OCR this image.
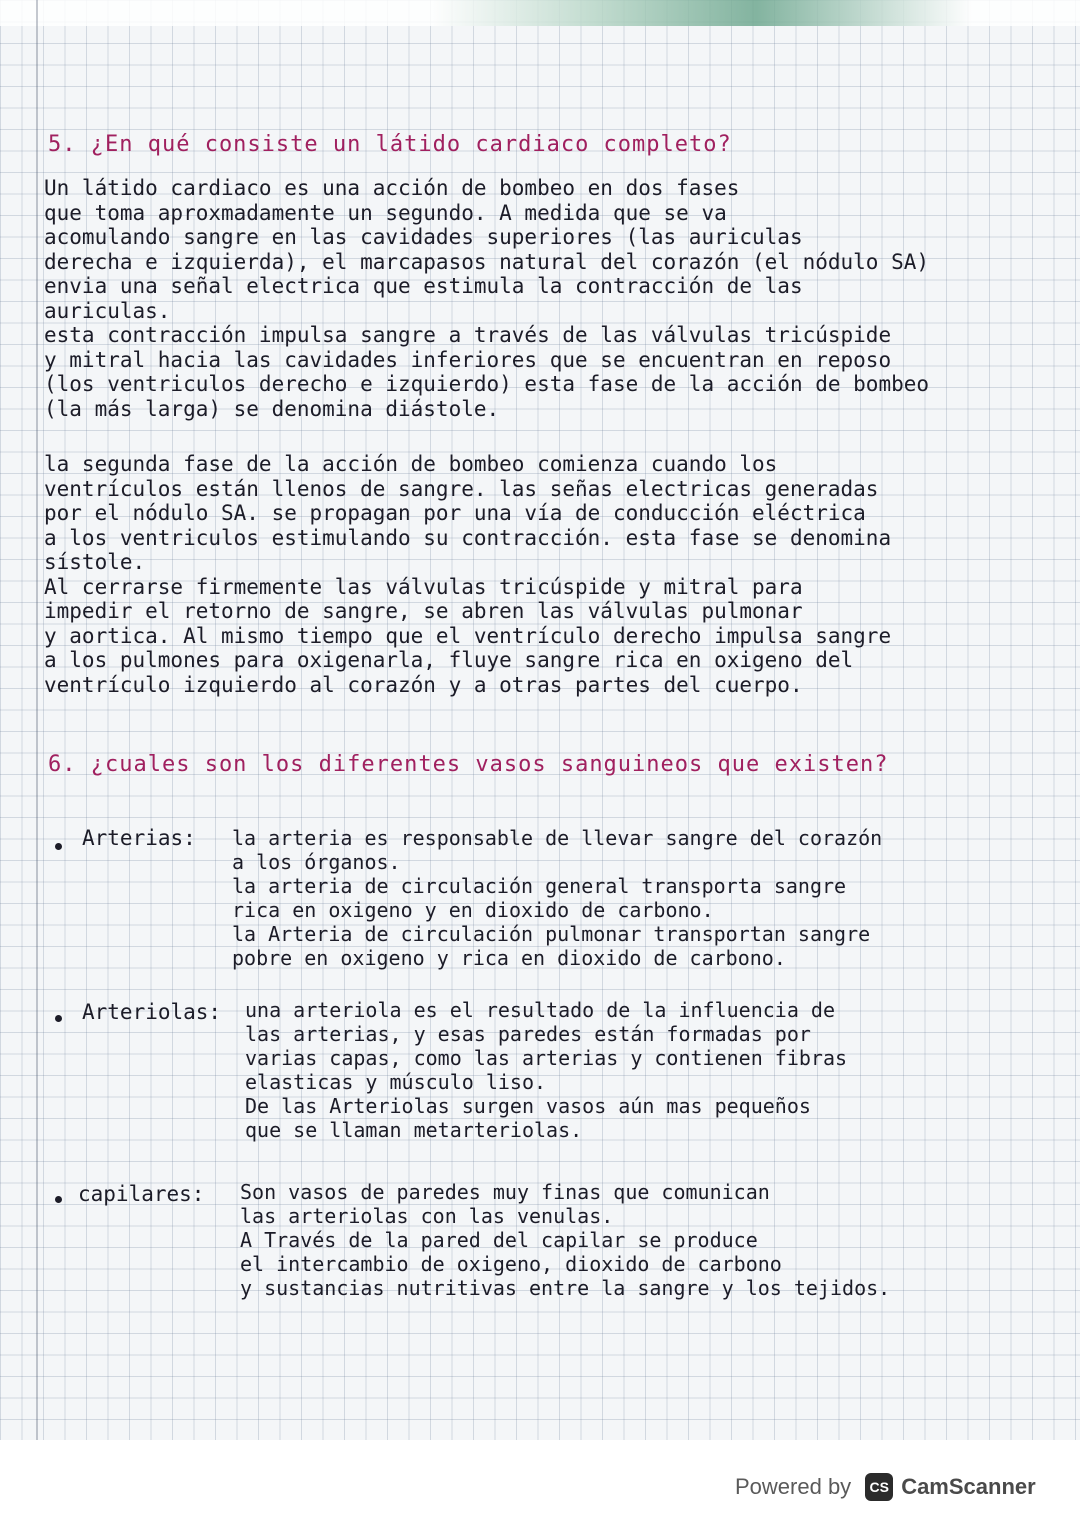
5. ¿En qué consiste un látido cardiaco completo?

Un látido cardiaco es una acción de bombeo en dos fases
que toma aproxmadamente un segundo. A medida que se va
acomulando sangre en las cavidades superiores (las auriculas
derecha e izquierda), el marcapasos natural del corazón (el nódulo SA)
envia una señal electrica que estimula la contracción de las
auriculas.
esta contracción impulsa sangre a través de las válvulas tricúspide
y mitral hacia las cavidades inferiores que se encuentran en reposo
(los ventriculos derecho e izquierdo) esta fase de la acción de bombeo
(la más larga) se denomina diástole.

la segunda fase de la acción de bombeo comienza cuando los
ventrículos están llenos de sangre. las señas electricas generadas
por el nódulo SA. se propagan por una vía de conducción eléctrica
a los ventriculos estimulando su contracción. esta fase se denomina
sístole.
Al cerrarse firmemente las válvulas tricúspide y mitral para
impedir el retorno de sangre, se abren las válvulas pulmonar
y aortica. Al mismo tiempo que el ventrículo derecho impulsa sangre
a los pulmones para oxigenarla, fluye sangre rica en oxigeno del
ventrículo izquierdo al corazón y a otras partes del cuerpo.

6. ¿cuales son los diferentes vasos sanguineos que existen?
Arterias: la arteria es responsable de llevar sangre del corazón
a los órganos.
la arteria de circulación general transporta sangre
rica en oxigeno y en dioxido de carbono.
la Arteria de circulación pulmonar transportan sangre
pobre en oxigeno y rica en dioxido de carbono.

Arteriolas: una arteriola es el resultado de la influencia de
las arterias, y esas paredes están formadas por
varias capas, como las arterias y contienen fibras
elasticas y músculo liso.
De las Arteriolas surgen vasos aún mas pequeños
que se llaman metarteriolas.

capilares: Son vasos de paredes muy finas que comunican
las arteriolas con las venulas.
A Través de la pared del capilar se produce
el intercambio de oxigeno, dioxido de carbono
y sustancias nutritivas entre la sangre y los tejidos.

Powered by	CS CamScanner
